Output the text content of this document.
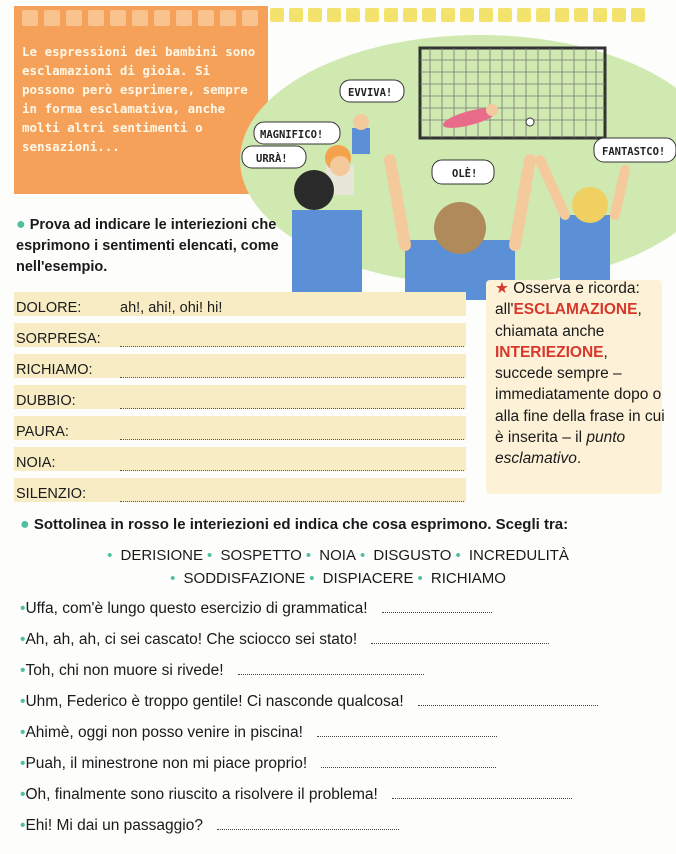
Le espressioni dei bambini sono esclamazioni di gioia. Si possono però esprimere, sempre in forma esclamativa, anche molti altri sentimenti o sensazioni...

EVVIVA!
MAGNIFICO!
URRÀ!
OLÈ!
FANTASTCO!

● Prova ad indicare le interiezioni che esprimono i sentimenti elencati, come nell'esempio.

DOLORE:	ah!, ahi!, ohi! hi!
SORPRESA:
RICHIAMO:
DUBBIO:
PAURA:
NOIA:
SILENZIO:

★ Osserva e ricorda: all'ESCLAMAZIONE, chiamata anche INTERIEZIONE, succede sempre – immediatamente dopo o alla fine della frase in cui è inserita – il punto esclamativo.

● Sottolinea in rosso le interiezioni ed indica che cosa esprimono. Scegli tra:

• DERISIONE • SOSPETTO • NOIA • DISGUSTO • INCREDULITÀ
• SODDISFAZIONE • DISPIACERE • RICHIAMO
• Uffa, com'è lungo questo esercizio di grammatica!
• Ah, ah, ah, ci sei cascato! Che sciocco sei stato!
• Toh, chi non muore si rivede!
• Uhm, Federico è troppo gentile! Ci nasconde qualcosa!
• Ahimè, oggi non posso venire in piscina!
• Puah, il minestrone non mi piace proprio!
• Oh, finalmente sono riuscito a risolvere il problema!
• Ehi! Mi dai un passaggio?
